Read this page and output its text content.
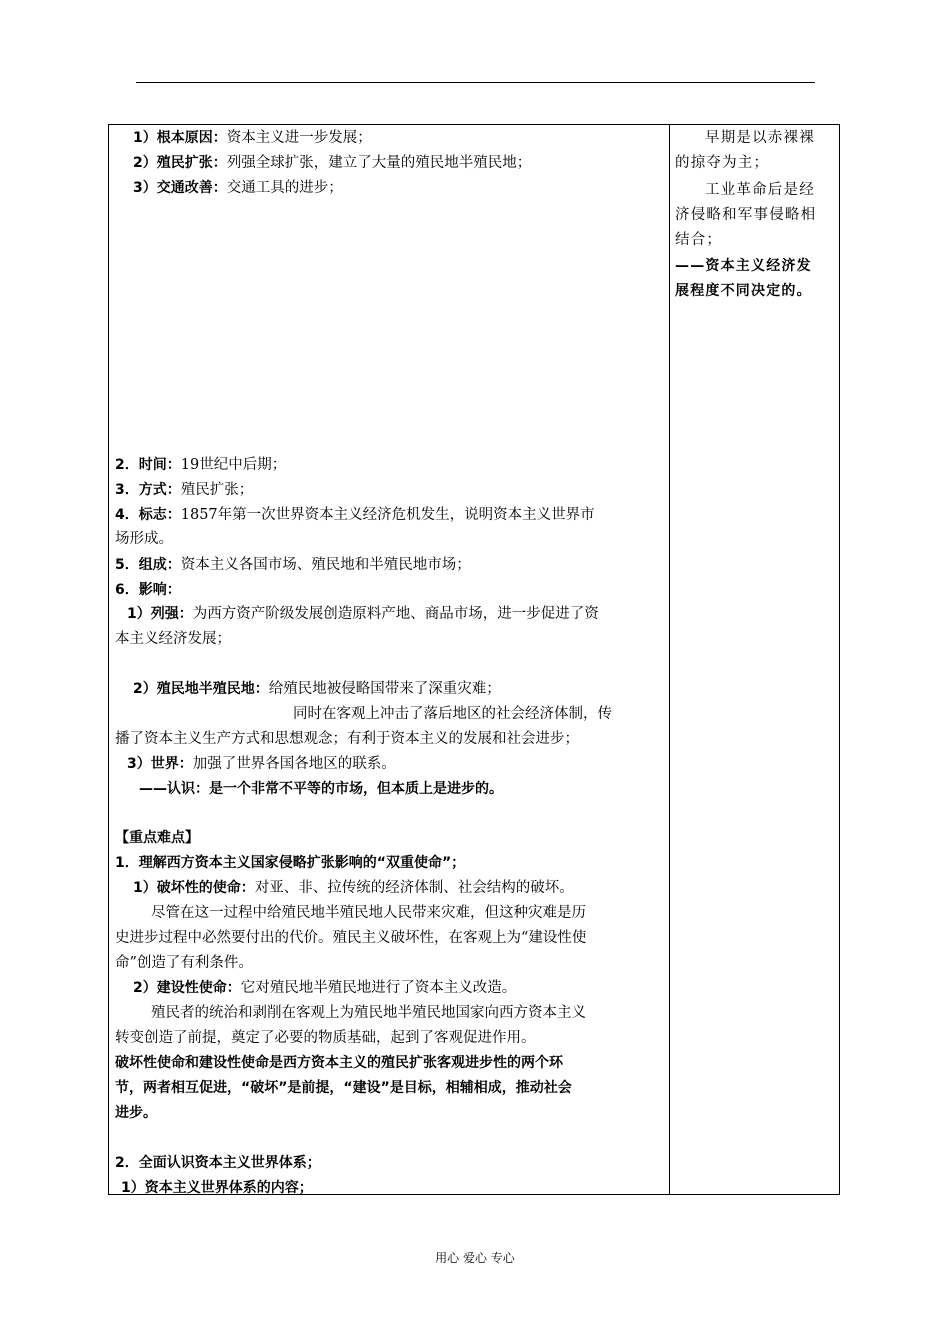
1）根本原因：资本主义进一步发展；
2）殖民扩张：列强全球扩张，建立了大量的殖民地半殖民地；
3）交通改善：交通工具的进步；
2．时间：19世纪中后期；
3．方式：殖民扩张；
4．标志：1857年第一次世界资本主义经济危机发生，说明资本主义世界市
场形成。
5．组成：资本主义各国市场、殖民地和半殖民地市场；
6．影响：
1）列强：为西方资产阶级发展创造原料产地、商品市场，进一步促进了资
本主义经济发展；
2）殖民地半殖民地：给殖民地被侵略国带来了深重灾难；
同时在客观上冲击了落后地区的社会经济体制，传
播了资本主义生产方式和思想观念；有利于资本主义的发展和社会进步；
3）世界：加强了世界各国各地区的联系。
——认识：是一个非常不平等的市场，但本质上是进步的。
【重点难点】
1．理解西方资本主义国家侵略扩张影响的“双重使命”；
1）破坏性的使命：对亚、非、拉传统的经济体制、社会结构的破坏。
尽管在这一过程中给殖民地半殖民地人民带来灾难，但这种灾难是历
史进步过程中必然要付出的代价。殖民主义破坏性，在客观上为“建设性使
命”创造了有利条件。
2）建设性使命：它对殖民地半殖民地进行了资本主义改造。
殖民者的统治和剥削在客观上为殖民地半殖民地国家向西方资本主义
转变创造了前提，奠定了必要的物质基础，起到了客观促进作用。
破坏性使命和建设性使命是西方资本主义的殖民扩张客观进步性的两个环
节，两者相互促进，“破坏”是前提，“建设”是目标，相辅相成，推动社会
进步。
2．全面认识资本主义世界体系；
1）资本主义世界体系的内容；
早期是以赤裸裸
的掠夺为主；
工业革命后是经
济侵略和军事侵略相
结合；
——资本主义经济发
展程度不同决定的。
用心 爱心 专心
